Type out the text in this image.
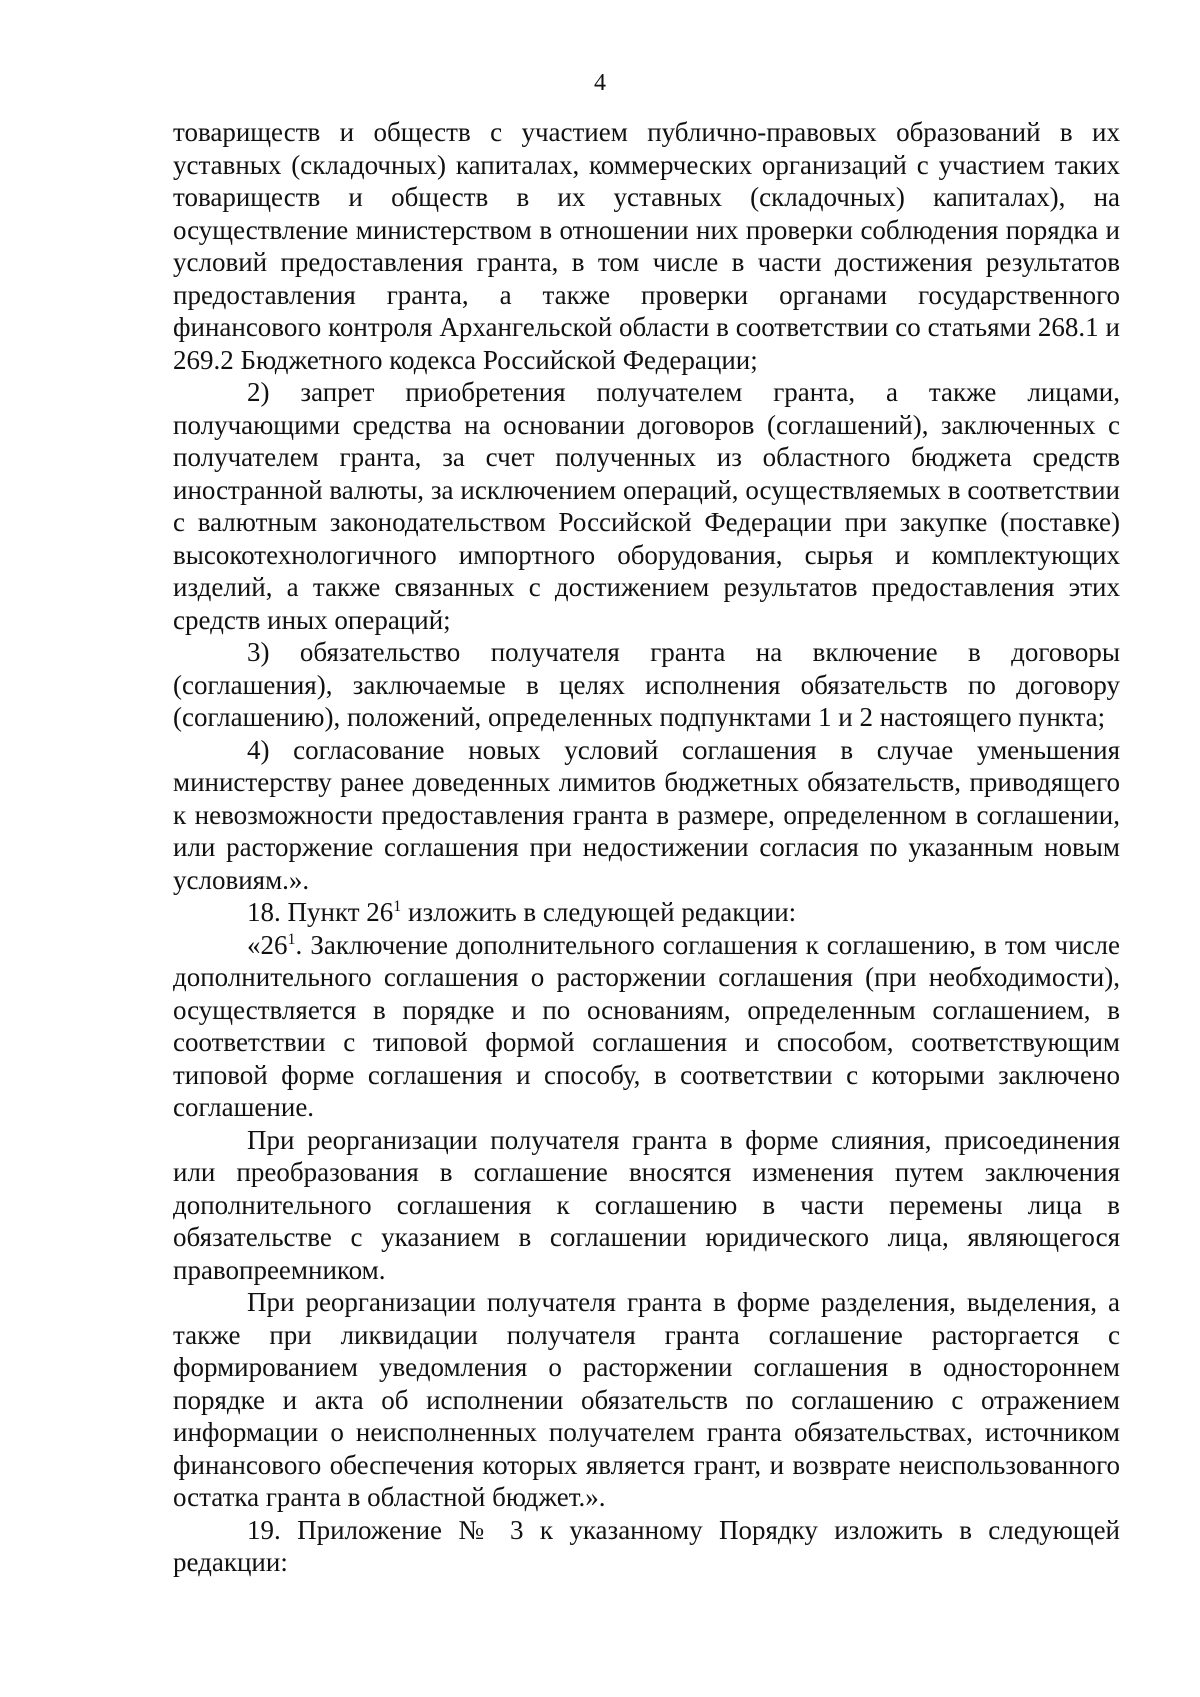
4

товариществ и обществ с участием публично-правовых образований в их уставных (складочных) капиталах, коммерческих организаций с участием таких товариществ и обществ в их уставных (складочных) капиталах), на осуществление министерством в отношении них проверки соблюдения порядка и условий предоставления гранта, в том числе в части достижения результатов предоставления гранта, а также проверки органами государственного финансового контроля Архангельской области в соответствии со статьями 268.1 и 269.2 Бюджетного кодекса Российской Федерации;

2) запрет приобретения получателем гранта, а также лицами, получающими средства на основании договоров (соглашений), заключенных с получателем гранта, за счет полученных из областного бюджета средств иностранной валюты, за исключением операций, осуществляемых в соответствии с валютным законодательством Российской Федерации при закупке (поставке) высокотехнологичного импортного оборудования, сырья и комплектующих изделий, а также связанных с достижением результатов предоставления этих средств иных операций;

3) обязательство получателя гранта на включение в договоры (соглашения), заключаемые в целях исполнения обязательств по договору (соглашению), положений, определенных подпунктами 1 и 2 настоящего пункта;

4) согласование новых условий соглашения в случае уменьшения министерству ранее доведенных лимитов бюджетных обязательств, приводящего к невозможности предоставления гранта в размере, определенном в соглашении, или расторжение соглашения при недостижении согласия по указанным новым условиям.».

18. Пункт $26^1$ изложить в следующей редакции:

«$26^1$. Заключение дополнительного соглашения к соглашению, в том числе дополнительного соглашения о расторжении соглашения (при необходимости), осуществляется в порядке и по основаниям, определенным соглашением, в соответствии с типовой формой соглашения и способом, соответствующим типовой форме соглашения и способу, в соответствии с которыми заключено соглашение.

При реорганизации получателя гранта в форме слияния, присоединения или преобразования в соглашение вносятся изменения путем заключения дополнительного соглашения к соглашению в части перемены лица в обязательстве с указанием в соглашении юридического лица, являющегося правопреемником.

При реорганизации получателя гранта в форме разделения, выделения, а также при ликвидации получателя гранта соглашение расторгается с формированием уведомления о расторжении соглашения в одностороннем порядке и акта об исполнении обязательств по соглашению с отражением информации о неисполненных получателем гранта обязательствах, источником финансового обеспечения которых является грант, и возврате неиспользованного остатка гранта в областной бюджет.».

19. Приложение № 3 к указанному Порядку изложить в следующей редакции:
